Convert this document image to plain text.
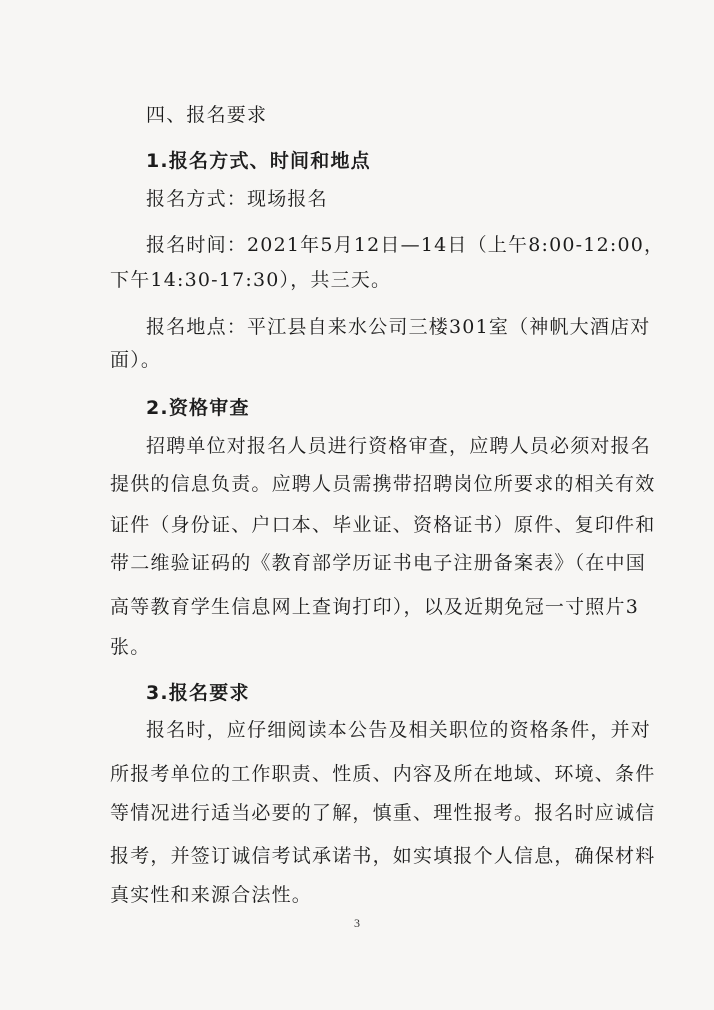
四、报名要求
1.报名方式、时间和地点
报名方式：现场报名
报名时间：2021年5月12日—14日（上午8:00-12:00，
下午14:30-17:30），共三天。
报名地点：平江县自来水公司三楼301室（神帆大酒店对
面）。
2.资格审查
招聘单位对报名人员进行资格审查，应聘人员必须对报名
提供的信息负责。应聘人员需携带招聘岗位所要求的相关有效
证件（身份证、户口本、毕业证、资格证书）原件、复印件和
带二维验证码的《教育部学历证书电子注册备案表》（在中国
高等教育学生信息网上查询打印），以及近期免冠一寸照片3
张。
3.报名要求
报名时，应仔细阅读本公告及相关职位的资格条件，并对
所报考单位的工作职责、性质、内容及所在地域、环境、条件
等情况进行适当必要的了解，慎重、理性报考。报名时应诚信
报考，并签订诚信考试承诺书，如实填报个人信息，确保材料
真实性和来源合法性。
3
